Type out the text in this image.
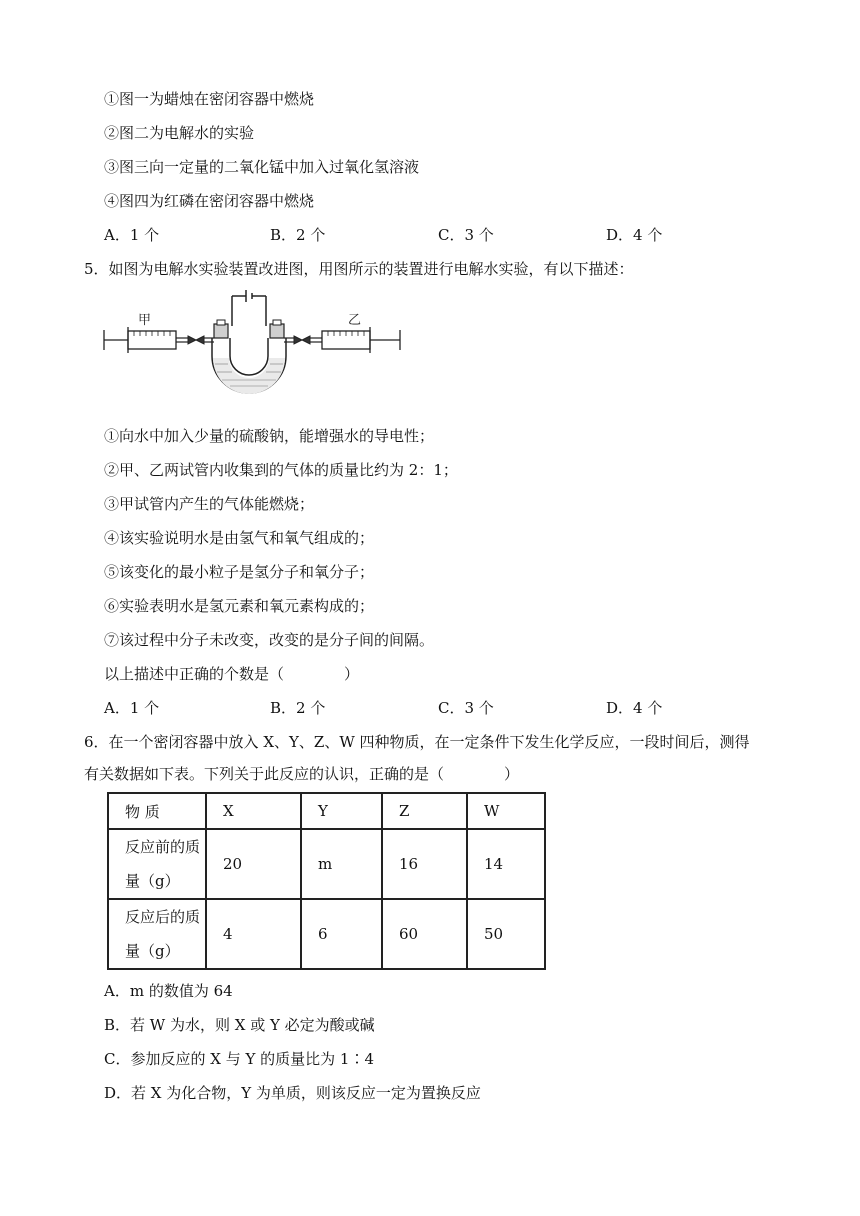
①图一为蜡烛在密闭容器中燃烧
②图二为电解水的实验
③图三向一定量的二氧化锰中加入过氧化氢溶液
④图四为红磷在密闭容器中燃烧
A．1 个	B．2 个	C．3 个	D．4 个
5．如图为电解水实验装置改进图，用图所示的装置进行电解水实验，有以下描述：
甲	乙
①向水中加入少量的硫酸钠，能增强水的导电性；
②甲、乙两试管内收集到的气体的质量比约为 2：1；
③甲试管内产生的气体能燃烧；
④该实验说明水是由氢气和氧气组成的；
⑤该变化的最小粒子是氢分子和氧分子；
⑥实验表明水是氢元素和氧元素构成的；
⑦该过程中分子未改变，改变的是分子间的间隔。
以上描述中正确的个数是（　　　　）
A．1 个	B．2 个	C．3 个	D．4 个
6．在一个密闭容器中放入 X、Y、Z、W 四种物质，在一定条件下发生化学反应，一段时间后，测得
有关数据如下表。下列关于此反应的认识，正确的是（　　　　）
物 质	X	Y	Z	W

反应前的质
量（g）	20	m	16	14

反应后的质
量（g）	4	6	60	50
A．m 的数值为 64
B．若 W 为水，则 X 或 Y 必定为酸或碱
C．参加反应的 X 与 Y 的质量比为 1∶4
D．若 X 为化合物，Y 为单质，则该反应一定为置换反应
